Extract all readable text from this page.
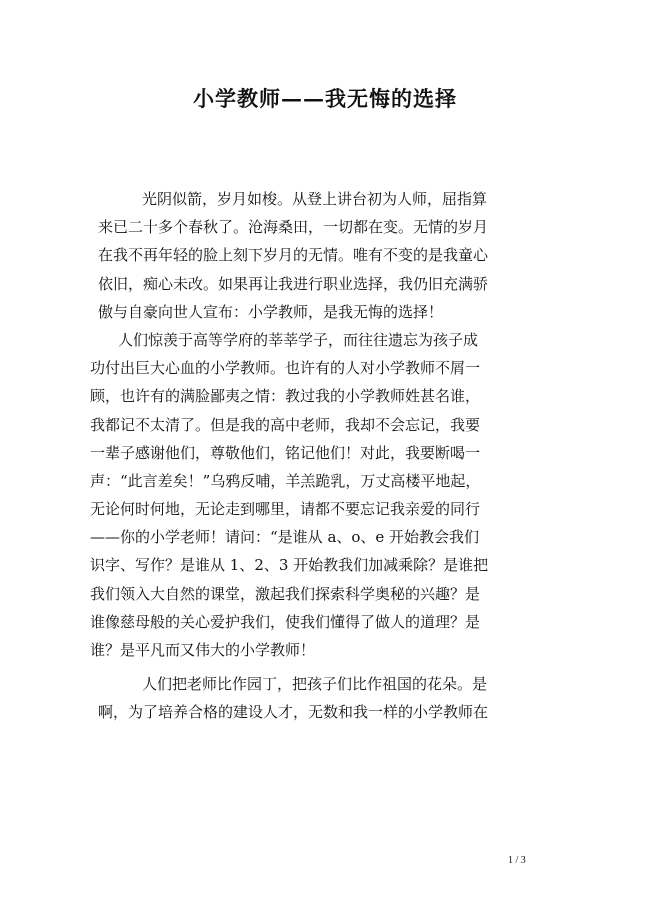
小学教师——我无悔的选择
光阴似箭，岁月如梭。从登上讲台初为人师，屈指算
来已二十多个春秋了。沧海桑田，一切都在变。无情的岁月
在我不再年轻的脸上刻下岁月的无情。唯有不变的是我童心
依旧，痴心未改。如果再让我进行职业选择，我仍旧充满骄
傲与自豪向世人宣布：小学教师，是我无悔的选择！
人们惊羡于高等学府的莘莘学子，而往往遗忘为孩子成
功付出巨大心血的小学教师。也许有的人对小学教师不屑一
顾，也许有的满脸鄙夷之情：教过我的小学教师姓甚名谁，
我都记不太清了。但是我的高中老师，我却不会忘记，我要
一辈子感谢他们，尊敬他们，铭记他们！对此，我要断喝一
声：“此言差矣！”乌鸦反哺，羊羔跪乳，万丈高楼平地起，
无论何时何地，无论走到哪里，请都不要忘记我亲爱的同行
——你的小学老师！请问：“是谁从 a、o、e 开始教会我们
识字、写作？是谁从 1、2、3 开始教我们加减乘除？是谁把
我们领入大自然的课堂，激起我们探索科学奥秘的兴趣？是
谁像慈母般的关心爱护我们，使我们懂得了做人的道理？是
谁？是平凡而又伟大的小学教师！
人们把老师比作园丁，把孩子们比作祖国的花朵。是
啊，为了培养合格的建设人才，无数和我一样的小学教师在
1 / 3
